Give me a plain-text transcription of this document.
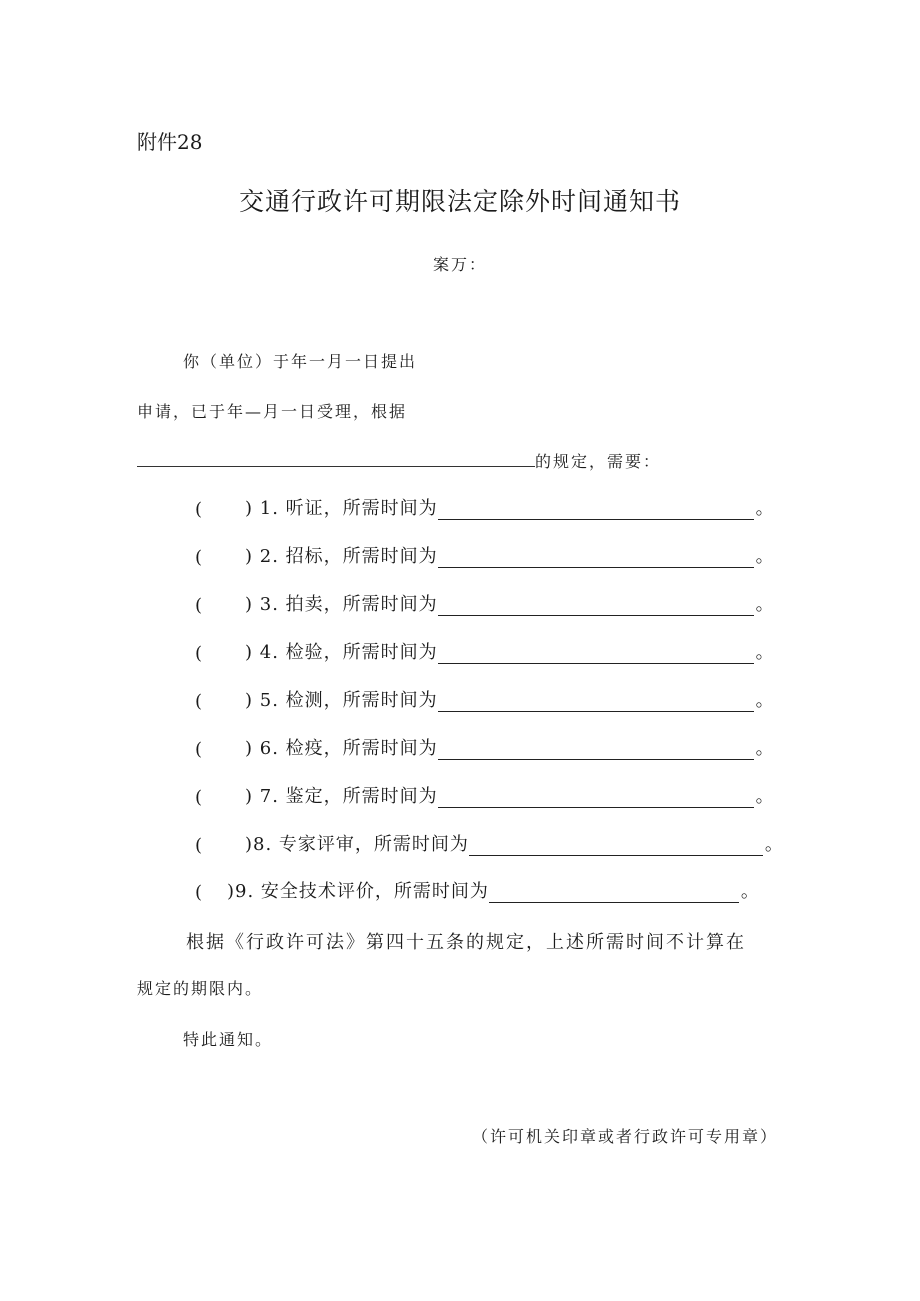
附件28
交通行政许可期限法定除外时间通知书
案万：
你（单位）于年一月一日提出
申请，已于年—月一日受理，根据
的规定，需要：
(	) 1. 听证，所需时间为	。
(	) 2. 招标，所需时间为	。
(	) 3. 拍卖，所需时间为	。
(	) 4. 检验，所需时间为	。
(	) 5. 检测，所需时间为	。
(	) 6. 检疫，所需时间为	。
(	) 7. 鉴定，所需时间为	。
(	)8. 专家评审，所需时间为	。
(	)9. 安全技术评价，所需时间为	。
根据《行政许可法》第四十五条的规定，上述所需时间不计算在
规定的期限内。
特此通知。
（许可机关印章或者行政许可专用章）
